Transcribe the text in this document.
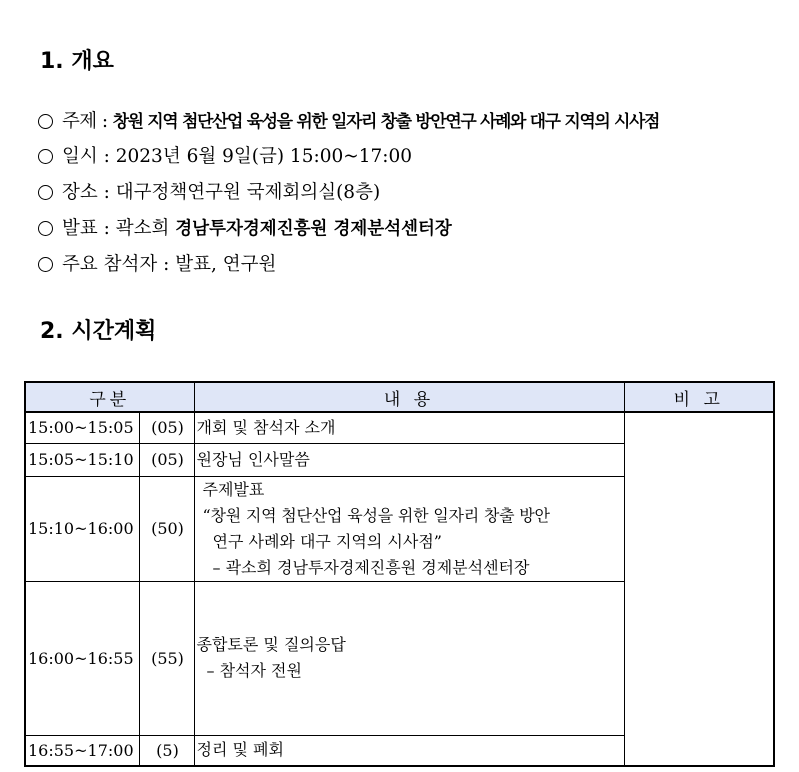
1. 개요
주제 : 창원 지역 첨단산업 육성을 위한 일자리 창출 방안연구 사례와 대구 지역의 시사점
일시 : 2023년 6월 9일(금) 15:00~17:00
장소 : 대구정책연구원 국제회의실(8층)
발표 : 곽소희 경남투자경제진흥원 경제분석센터장
주요 참석자 : 발표, 연구원
2. 시간계획
구분		내 용	비 고
15:00~15:05	(05)	개회 및 참석자 소개	

15:05~15:10	(05)	원장님 인사말씀	

15:10~16:00	(50)	주제발표
“창원 지역 첨단산업 육성을 위한 일자리 창출 방안
연구 사례와 대구 지역의 시사점”
– 곽소희 경남투자경제진흥원 경제분석센터장	

16:00~16:55	(55)	종합토론 및 질의응답
– 참석자 전원	

16:55~17:00	(5)	정리 및 폐회	
